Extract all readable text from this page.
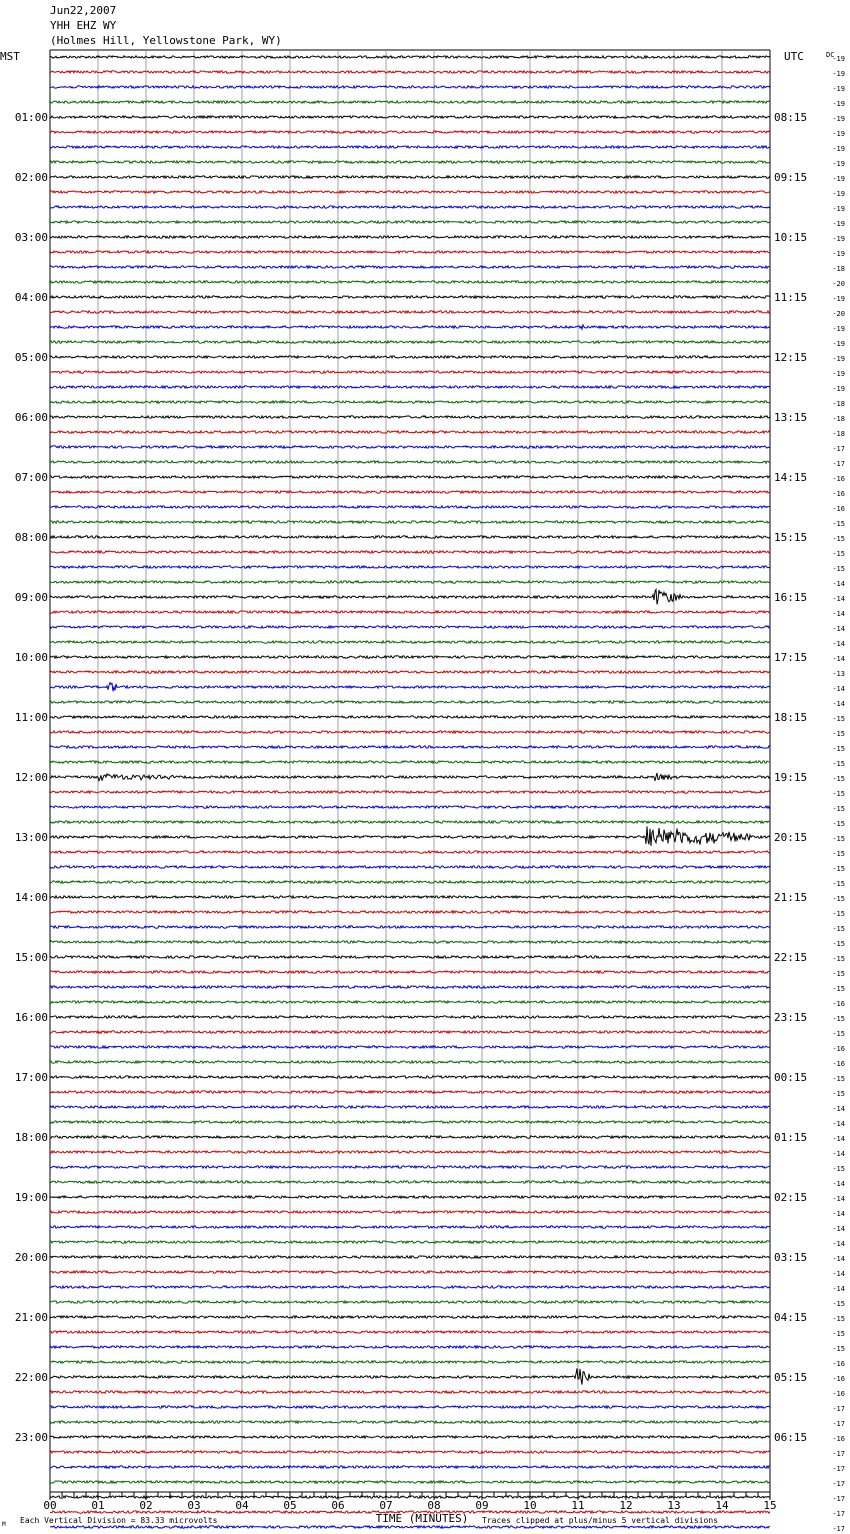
Jun22,2007
YHH EHZ WY
(Holmes Hill, Yellowstone Park, WY)
MST	UTC	DC
01:00
02:00
03:00
04:00
05:00
06:00
07:00
08:00
09:00
10:00
11:00
12:00
13:00
14:00
15:00
16:00
17:00
18:00
19:00
20:00
21:00
22:00
23:00
08:15
09:15
10:15
11:15
12:15
13:15
14:15
15:15
16:15
17:15
18:15
19:15
20:15
21:15
22:15
23:15
00:15
01:15
02:15
03:15
04:15
05:15
06:15
-19
-19
-19
-19
-19
-19
-19
-19
-19
-19
-19
-19
-19
-19
-18
-20
-19
-20
-19
-19
-19
-19
-19
-18
-18
-18
-17
-17
-16
-16
-16
-15
-15
-15
-15
-14
-14
-14
-14
-14
-14
-13
-14
-14
-15
-15
-15
-15
-15
-15
-15
-15
-15
-15
-15
-15
-15
-15
-15
-15
-15
-15
-15
-16
-15
-15
-16
-16
-15
-15
-14
-14
-14
-14
-15
-14
-14
-14
-14
-14
-14
-14
-14
-15
-15
-15
-15
-16
-16
-16
-17
-17
-16
-17
-17
-17
-17
-17
-17
00	01	02	03	04	05	06	07	08	09	10	11	12	13	14	15
TIME (MINUTES)
Each Vertical Division = 83.33 microvolts	Traces clipped at plus/minus 5 vertical divisions
M
